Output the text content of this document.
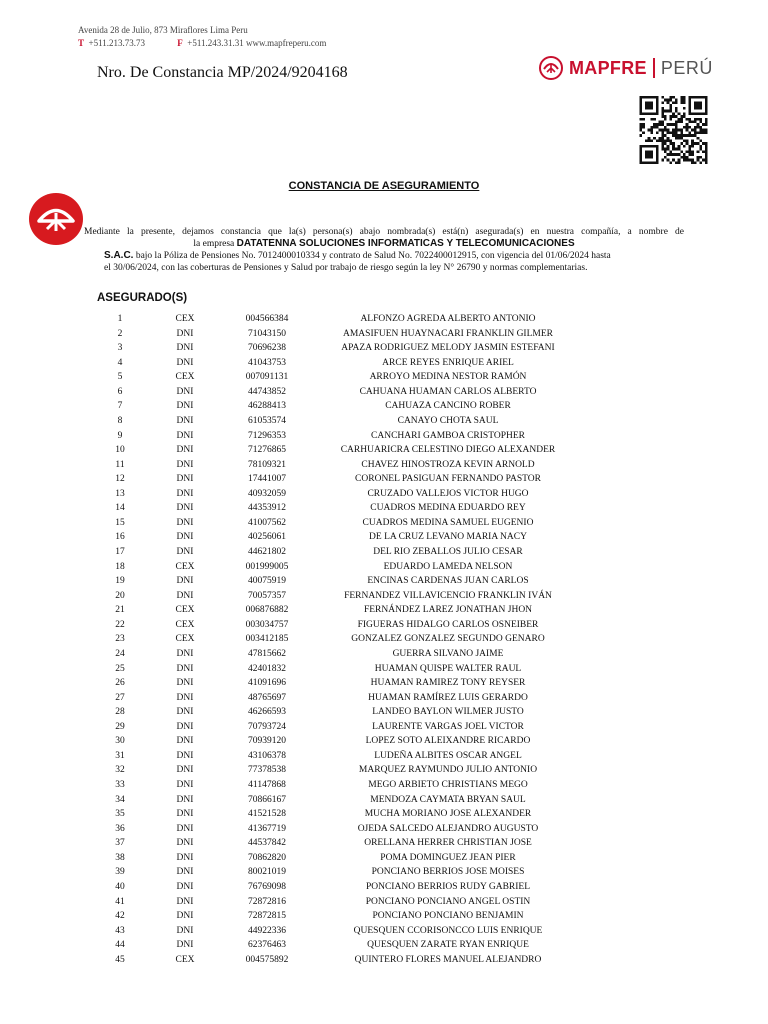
Avenida 28 de Julio, 873 Miraflores Lima Peru
T +511.213.73.73	F +511.243.31.31 www.mapfreperu.com
Nro. De Constancia MP/2024/9204168	MAPFRE PERÚ
CONSTANCIA DE ASEGURAMIENTO

Mediante la presente, dejamos constancia que la(s) persona(s) abajo nombrada(s) está(n) asegurada(s) en nuestra compañía, a nombre de

la empresa DATATENNA SOLUCIONES INFORMATICAS Y TELECOMUNICACIONES

S.A.C. bajo la Póliza de Pensiones No. 7012400010334 y contrato de Salud No. 7022400012915, con vigencia del 01/06/2024 hasta

el 30/06/2024, con las coberturas de Pensiones y Salud por trabajo de riesgo según la ley N° 26790 y normas complementarias.

ASEGURADO(S)
1	CEX	004566384	ALFONZO AGREDA ALBERTO ANTONIO
2	DNI	71043150	AMASIFUEN HUAYNACARI FRANKLIN GILMER
3	DNI	70696238	APAZA RODRIGUEZ MELODY JASMIN ESTEFANI
4	DNI	41043753	ARCE REYES ENRIQUE ARIEL
5	CEX	007091131	ARROYO MEDINA NESTOR RAMÓN
6	DNI	44743852	CAHUANA HUAMAN CARLOS ALBERTO
7	DNI	46288413	CAHUAZA CANCINO ROBER
8	DNI	61053574	CANAYO CHOTA SAUL
9	DNI	71296353	CANCHARI GAMBOA CRISTOPHER
10	DNI	71276865	CARHUARICRA CELESTINO DIEGO ALEXANDER
11	DNI	78109321	CHAVEZ HINOSTROZA KEVIN ARNOLD
12	DNI	17441007	CORONEL PASIGUAN FERNANDO PASTOR
13	DNI	40932059	CRUZADO VALLEJOS VICTOR HUGO
14	DNI	44353912	CUADROS MEDINA EDUARDO REY
15	DNI	41007562	CUADROS MEDINA SAMUEL EUGENIO
16	DNI	40256061	DE LA CRUZ LEVANO MARIA NACY
17	DNI	44621802	DEL RIO ZEBALLOS JULIO CESAR
18	CEX	001999005	EDUARDO LAMEDA NELSON
19	DNI	40075919	ENCINAS CARDENAS JUAN CARLOS
20	DNI	70057357	FERNANDEZ VILLAVICENCIO FRANKLIN IVÁN
21	CEX	006876882	FERNÁNDEZ LAREZ JONATHAN JHON
22	CEX	003034757	FIGUERAS HIDALGO CARLOS OSNEIBER
23	CEX	003412185	GONZALEZ GONZALEZ SEGUNDO GENARO
24	DNI	47815662	GUERRA SILVANO JAIME
25	DNI	42401832	HUAMAN QUISPE WALTER RAUL
26	DNI	41091696	HUAMAN RAMIREZ TONY REYSER
27	DNI	48765697	HUAMAN RAMÍREZ LUIS GERARDO
28	DNI	46266593	LANDEO BAYLON WILMER JUSTO
29	DNI	70793724	LAURENTE VARGAS JOEL VICTOR
30	DNI	70939120	LOPEZ SOTO ALEIXANDRE RICARDO
31	DNI	43106378	LUDEÑA ALBITES OSCAR ANGEL
32	DNI	77378538	MARQUEZ RAYMUNDO JULIO ANTONIO
33	DNI	41147868	MEGO ARBIETO CHRISTIANS MEGO
34	DNI	70866167	MENDOZA CAYMATA BRYAN SAUL
35	DNI	41521528	MUCHA MORIANO JOSE ALEXANDER
36	DNI	41367719	OJEDA SALCEDO ALEJANDRO AUGUSTO
37	DNI	44537842	ORELLANA HERRER CHRISTIAN JOSE
38	DNI	70862820	POMA DOMINGUEZ JEAN PIER
39	DNI	80021019	PONCIANO BERRIOS JOSE MOISES
40	DNI	76769098	PONCIANO BERRIOS RUDY GABRIEL
41	DNI	72872816	PONCIANO PONCIANO ANGEL OSTIN
42	DNI	72872815	PONCIANO PONCIANO BENJAMIN
43	DNI	44922336	QUESQUEN CCORISONCCO LUIS ENRIQUE
44	DNI	62376463	QUESQUEN ZARATE RYAN ENRIQUE
45	CEX	004575892	QUINTERO FLORES MANUEL ALEJANDRO
